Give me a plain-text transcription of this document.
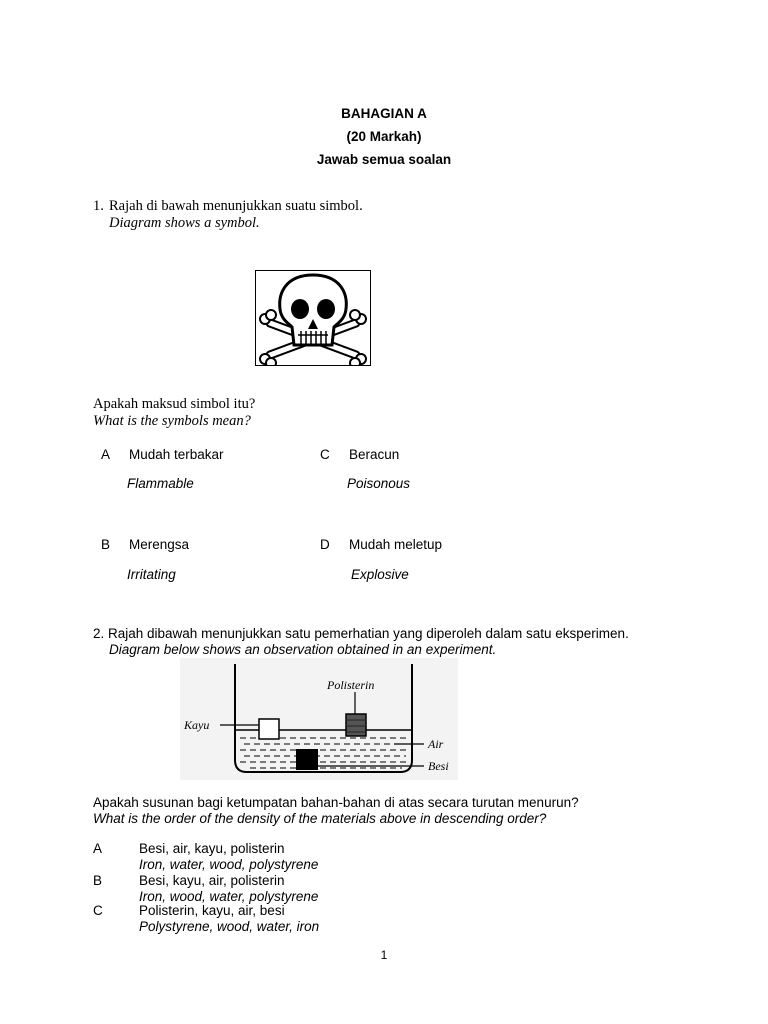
BAHAGIAN A
(20 Markah)
Jawab semua soalan
1. Rajah di bawah menunjukkan suatu simbol.
Diagram shows a symbol.
Apakah maksud simbol itu?
What is the symbols mean?
A Mudah terbakar
Flammable
C Beracun
Poisonous
B Merengsa
Irritating
D Mudah meletup
Explosive
2. Rajah dibawah menunjukkan satu pemerhatian yang diperoleh dalam satu eksperimen.
Diagram below shows an observation obtained in an experiment.
Polisterin
Kayu
Air
Besi
Apakah susunan bagi ketumpatan bahan-bahan di atas secara turutan menurun?
What is the order of the density of the materials above in descending order?
A	Besi, air, kayu, polisterin
Iron, water, wood, polystyrene
B	Besi, kayu, air, polisterin
Iron, wood, water, polystyrene
C	Polisterin, kayu, air, besi
Polystyrene, wood, water, iron
1
